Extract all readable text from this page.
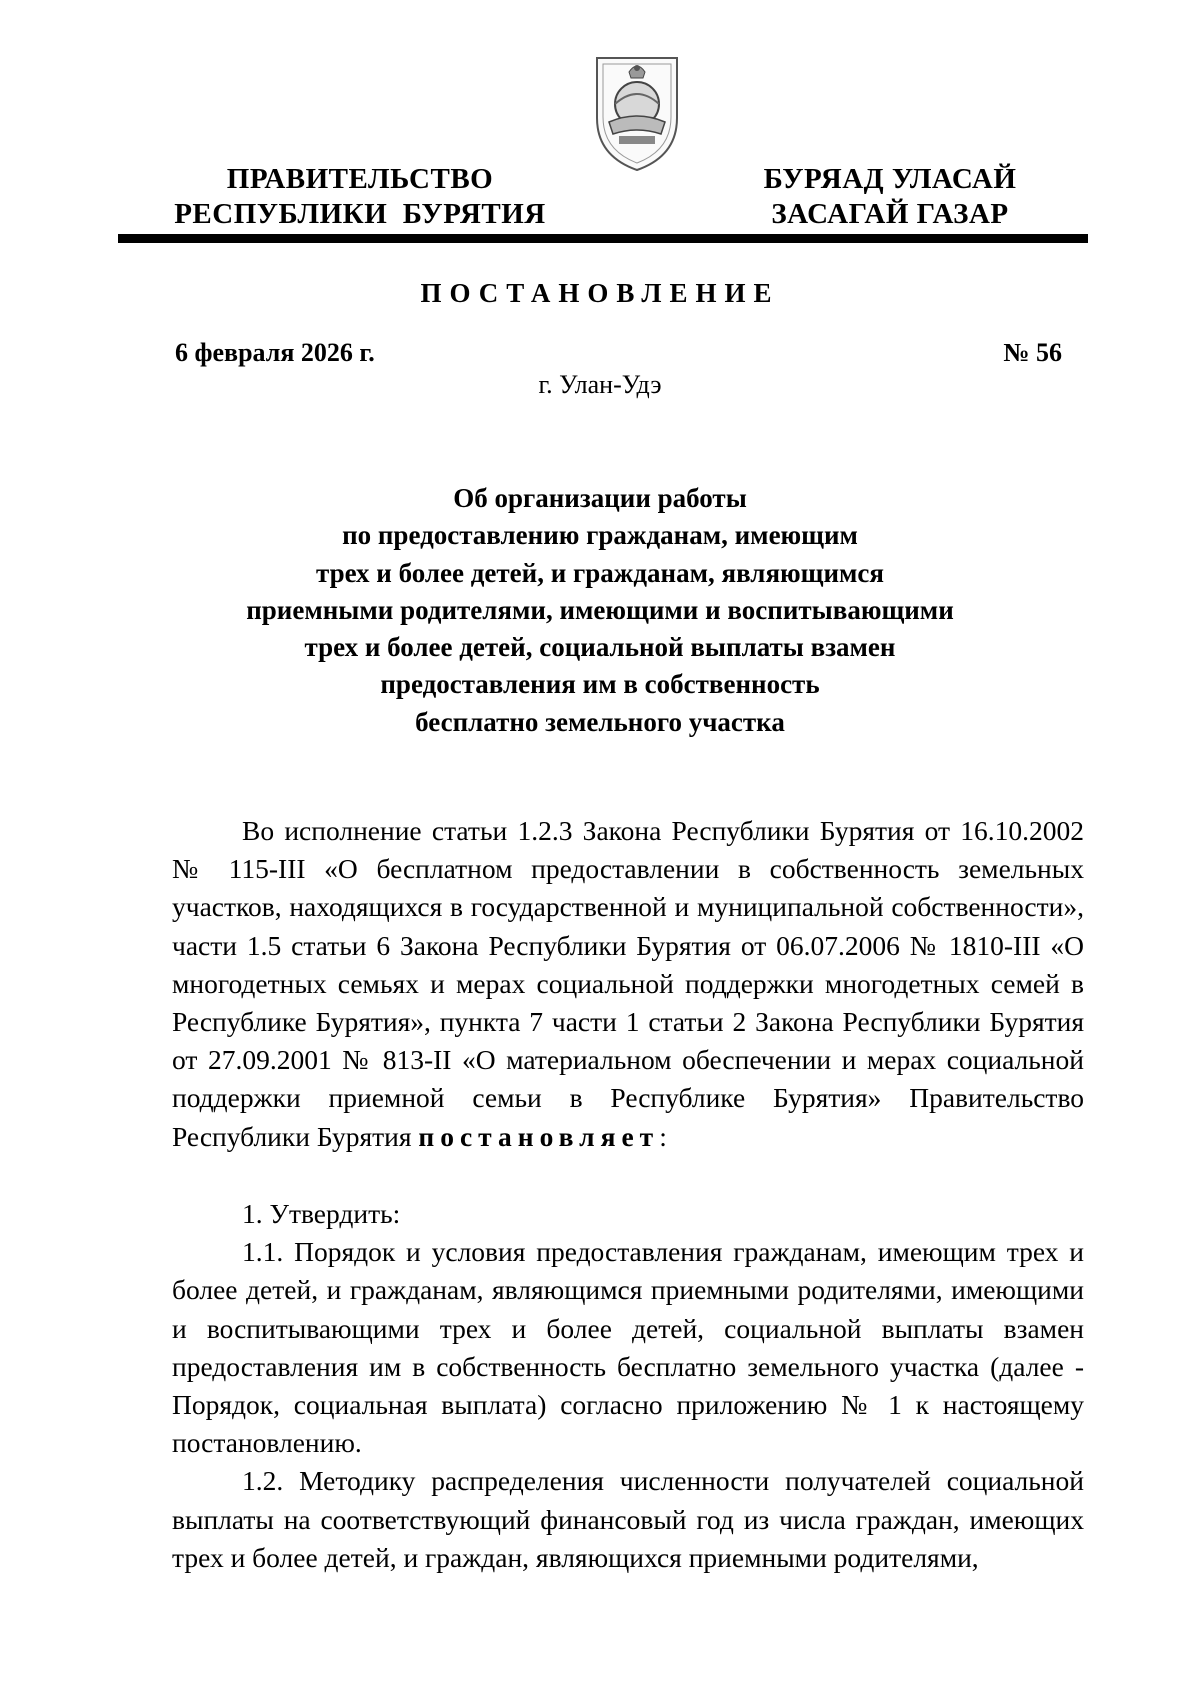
ПРАВИТЕЛЬСТВО
РЕСПУБЛИКИ  БУРЯТИЯ
БУРЯАД УЛАСАЙ
ЗАСАГАЙ ГАЗАР
ПОСТАНОВЛЕНИЕ
6 февраля 2026 г.	№ 56
г. Улан-Удэ
Об организации работы
по предоставлению гражданам, имеющим
трех и более детей, и гражданам, являющимся
приемными родителями, имеющими и воспитывающими
трех и более детей, социальной выплаты взамен
предоставления им в собственность
бесплатно земельного участка

Во исполнение статьи 1.2.3 Закона Республики Бурятия от 16.10.2002 № 115-III «О бесплатном предоставлении в собственность земельных участков, находящихся в государственной и муниципальной собственности», части 1.5 статьи 6 Закона Республики Бурятия от 06.07.2006 № 1810-III «О многодетных семьях и мерах социальной поддержки многодетных семей в Республике Бурятия», пункта 7 части 1 статьи 2 Закона Республики Бурятия от 27.09.2001 № 813-II «О материальном обеспечении и мерах социальной поддержки приемной семьи в Республике Бурятия» Правительство Республики Бурятия постановляет:

1. Утвердить:

1.1. Порядок и условия предоставления гражданам, имеющим трех и более детей, и гражданам, являющимся приемными родителями, имеющими и воспитывающими трех и более детей, социальной выплаты взамен предоставления им в собственность бесплатно земельного участка (далее - Порядок, социальная выплата) согласно приложению № 1 к настоящему постановлению.

1.2. Методику распределения численности получателей социальной выплаты на соответствующий финансовый год из числа граждан, имеющих трех и более детей, и граждан, являющихся приемными родителями,
